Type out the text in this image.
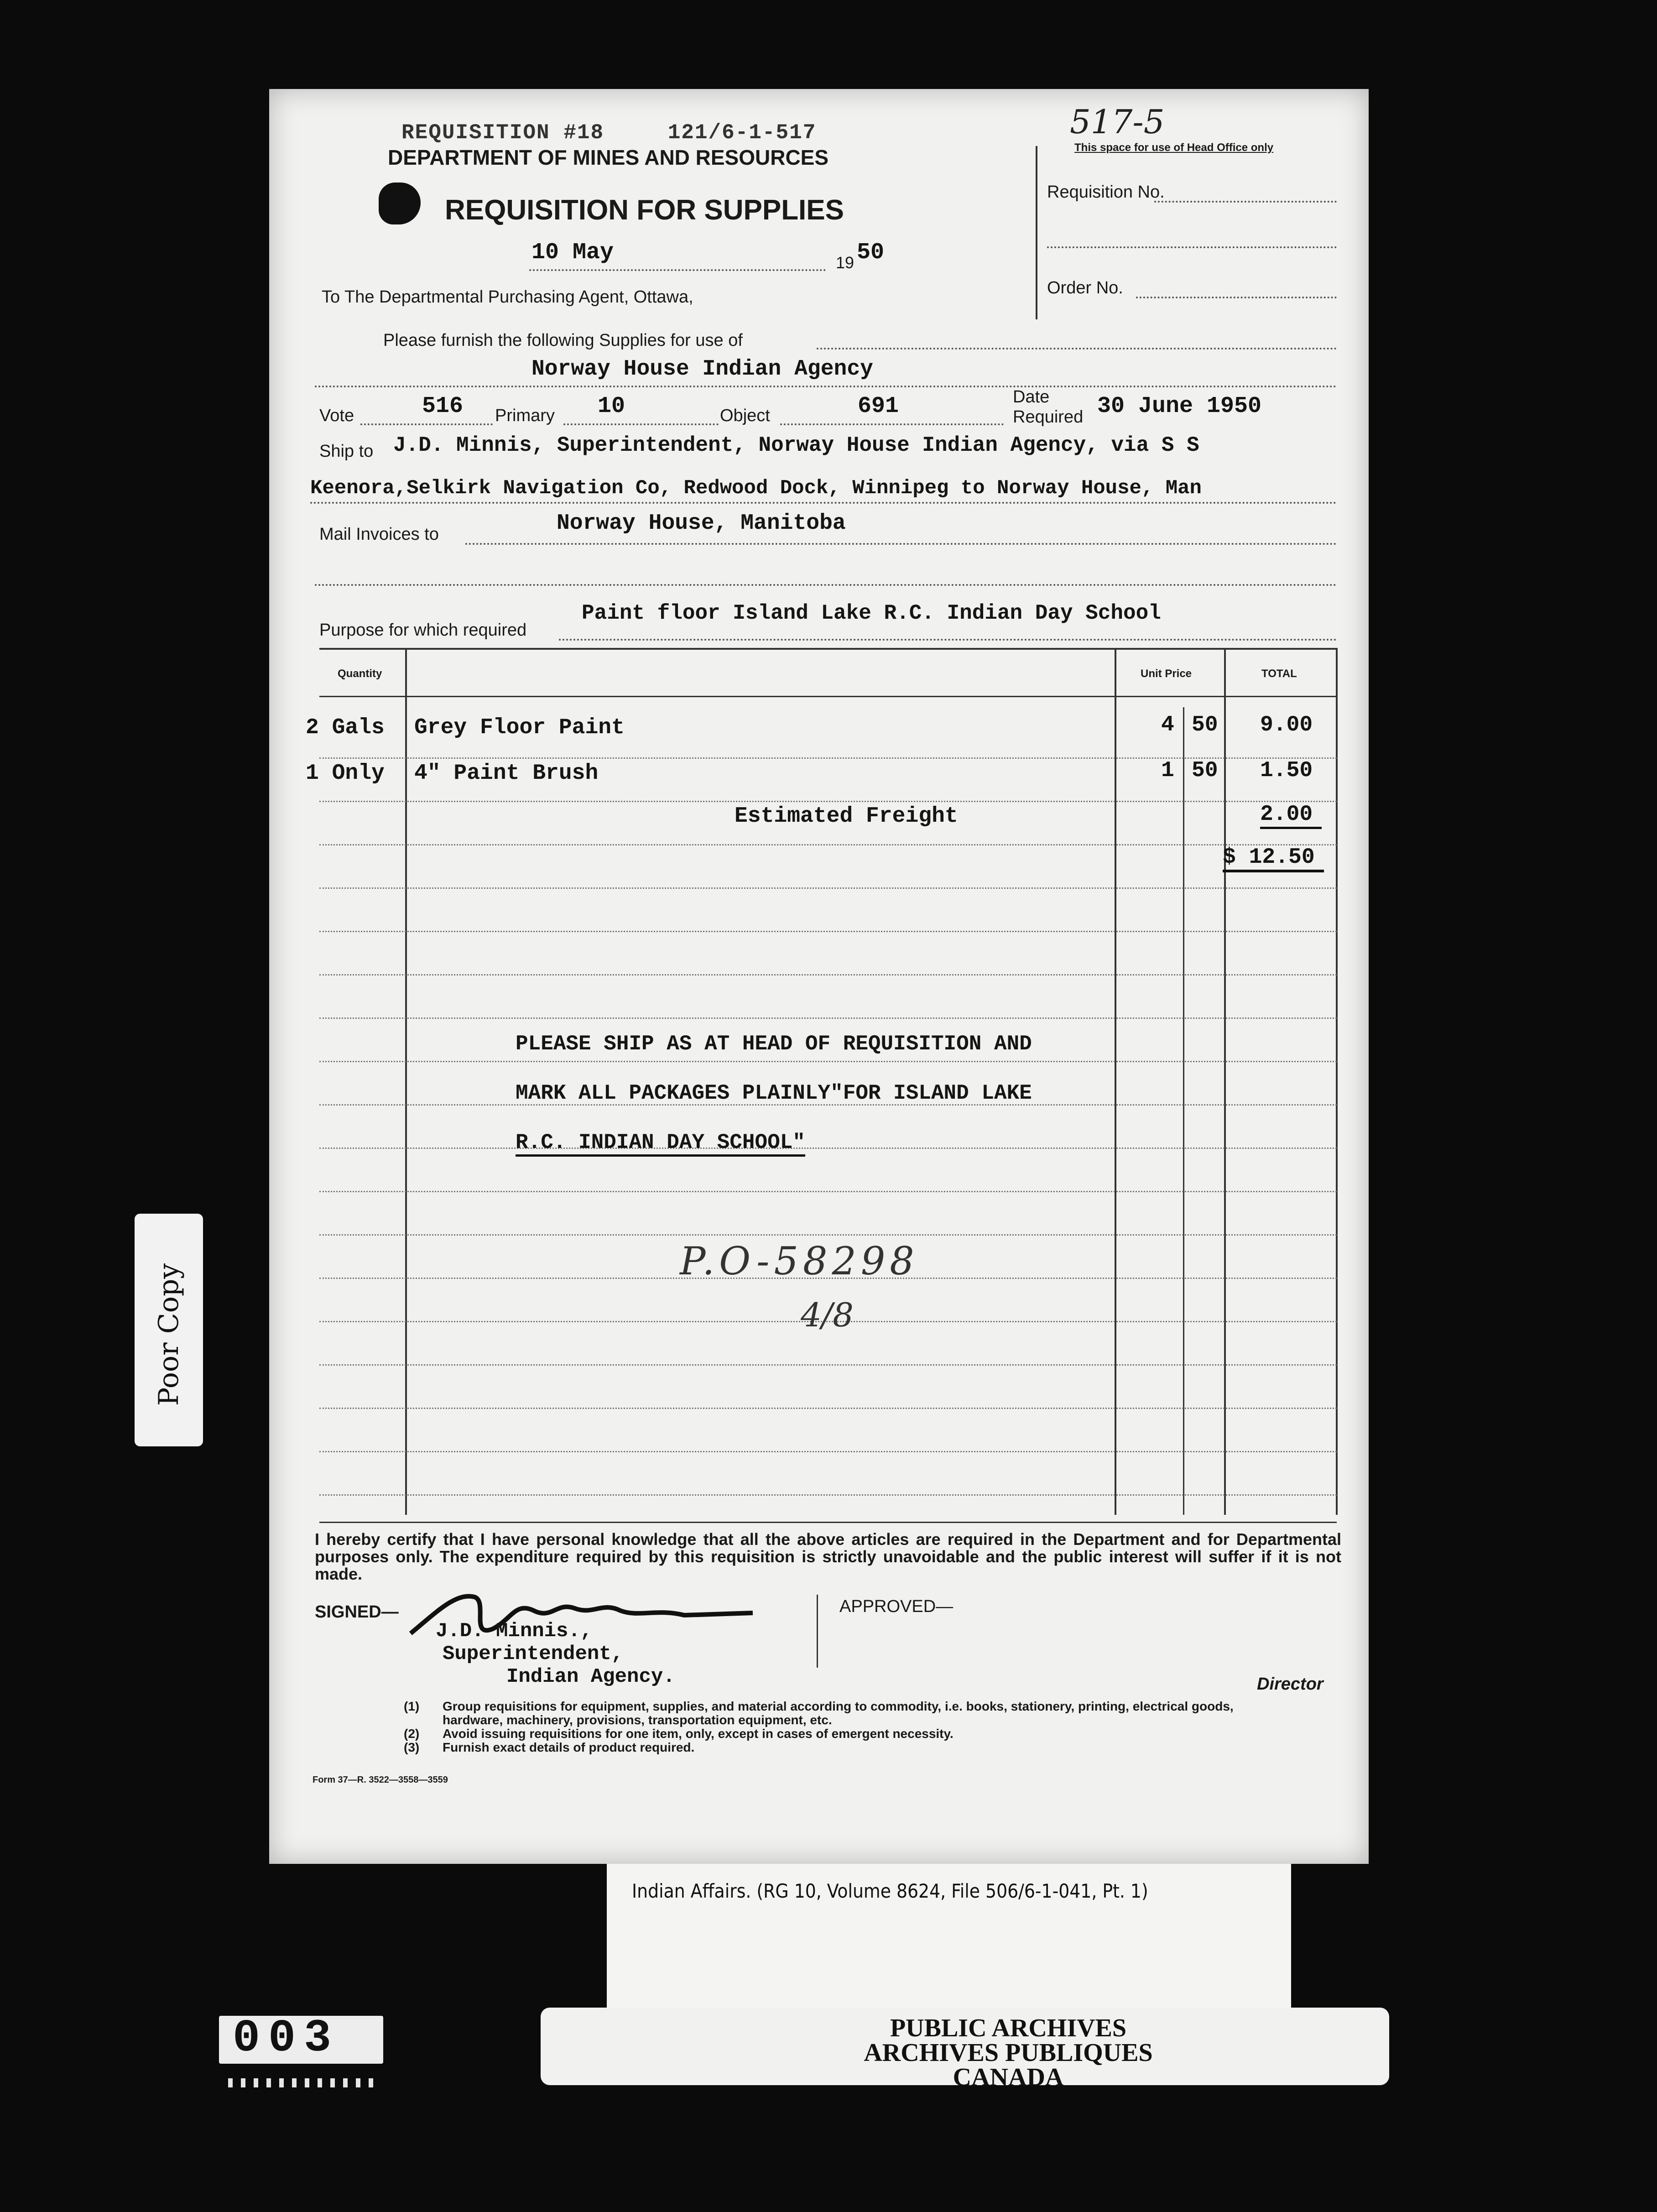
REQUISITION #18	121/6-1-517
DEPARTMENT OF MINES AND RESOURCES
REQUISITION FOR SUPPLIES
10 May	19 50
To The Departmental Purchasing Agent, Ottawa,
517-5
This space for use of Head Office only
Requisition No.
Order No.
Please furnish the following Supplies for use of
Norway House Indian Agency
Vote	516 Primary 10	Object	691	Date
Required 30 June 1950
Ship to J.D. Minnis, Superintendent, Norway House Indian Agency, via S S
Keenora,Selkirk Navigation Co, Redwood Dock, Winnipeg to Norway House, Man
Mail Invoices to	Norway House, Manitoba
Paint floor Island Lake R.C. Indian Day School
Purpose for which required
Quantity	Unit Price	TOTAL
2 Gals Grey Floor Paint	4 50 9.00
1 Only 4" Paint Brush	1 50 1.50
Estimated Freight	2.00
$ 12.50
PLEASE SHIP AS AT HEAD OF REQUISITION AND
MARK ALL PACKAGES PLAINLY"FOR ISLAND LAKE
R.C. INDIAN DAY SCHOOL"
P.O-58298
4/8
I hereby certify that I have personal knowledge that all the above articles are required in the Department and for Departmental purposes only. The expenditure required by this requisition is strictly unavoidable and the public interest will suffer if it is not made.
SIGNED—	APPROVED—
J.D. Minnis.,
Superintendent,
Indian Agency.	Director
(1)	Group requisitions for equipment, supplies, and material according to commodity, i.e. books, stationery, printing, electrical goods, hardware, machinery, provisions, transportation equipment, etc.
(2)	Avoid issuing requisitions for one item, only, except in cases of emergent necessity.
(3)	Furnish exact details of product required.
Form 37—R. 3522—3558—3559
Poor Copy
Indian Affairs. (RG 10, Volume 8624, File 506/6-1-041, Pt. 1)
003	PUBLIC ARCHIVES
ARCHIVES PUBLIQUES
CANADA
